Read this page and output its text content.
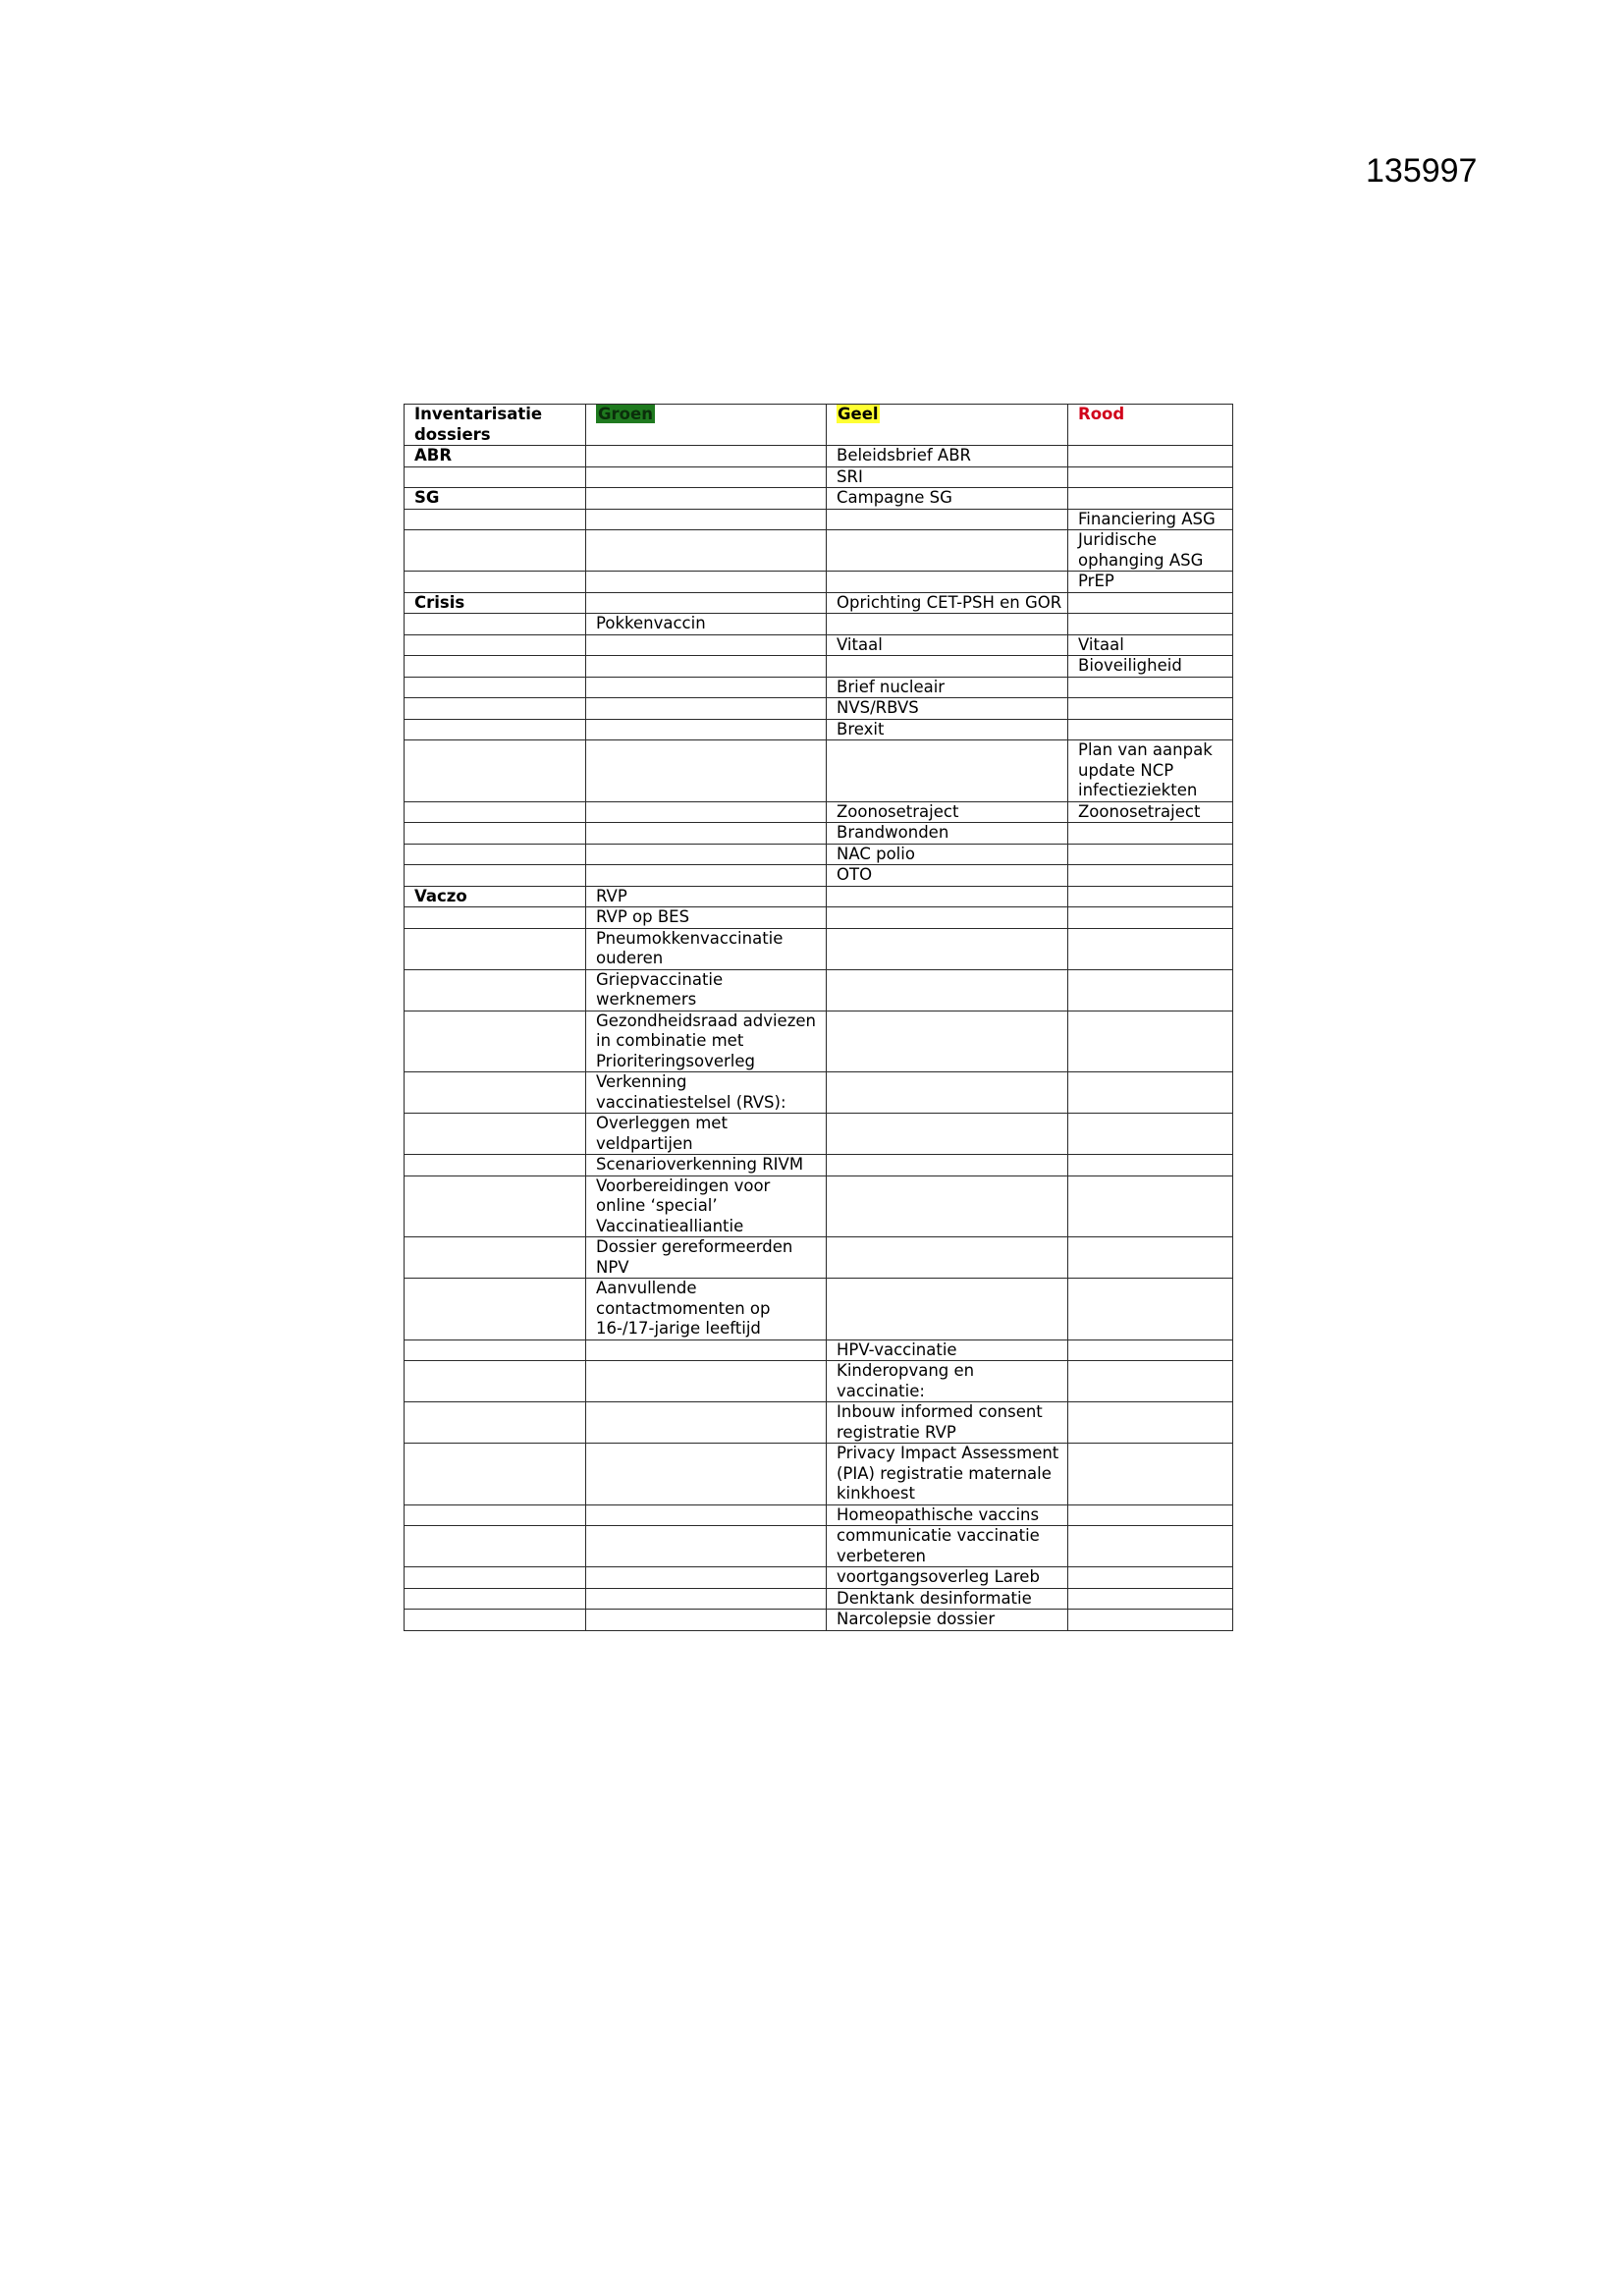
135997
Inventarisatie dossiers	Groen	Geel	Rood
ABR		Beleidsbrief ABR	
		SRI	
SG		Campagne SG	
			Financiering ASG
			Juridische ophanging ASG
			PrEP
Crisis		Oprichting CET-PSH en GOR	
	Pokkenvaccin		
		Vitaal	Vitaal
			Bioveiligheid
		Brief nucleair	
		NVS/RBVS	
		Brexit	
			Plan van aanpak update NCP infectieziekten
		Zoonosetraject	Zoonosetraject
		Brandwonden	
		NAC polio	
		OTO	
Vaczo	RVP		
	RVP op BES		
	Pneumokkenvaccinatie ouderen		
	Griepvaccinatie werknemers		
	Gezondheidsraad adviezen in combinatie met Prioriteringsoverleg		
	Verkenning vaccinatiestelsel (RVS):		
	Overleggen met veldpartijen		
	Scenarioverkenning RIVM		
	Voorbereidingen voor online ‘special’ Vaccinatiealliantie		
	Dossier gereformeerden NPV		
	Aanvullende contactmomenten op 16-/17-jarige leeftijd		
		HPV-vaccinatie	
		Kinderopvang en vaccinatie:	
		Inbouw informed consent registratie RVP	
		Privacy Impact Assessment (PIA) registratie maternale kinkhoest	
		Homeopathische vaccins	
		communicatie vaccinatie verbeteren	
		voortgangsoverleg Lareb	
		Denktank desinformatie	
		Narcolepsie dossier	
